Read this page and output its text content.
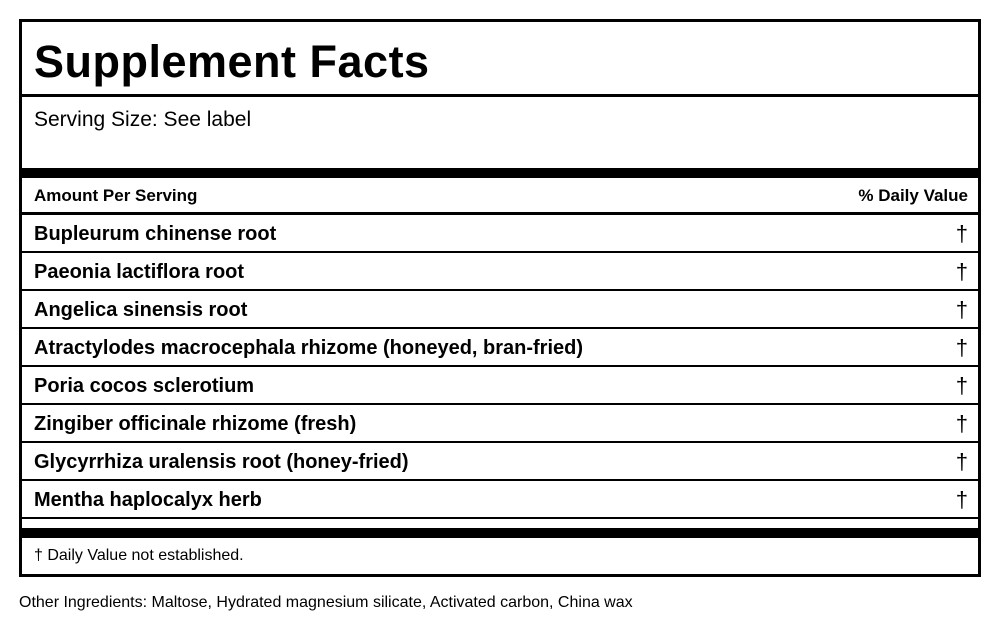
Supplement Facts
Serving Size: See label
Amount Per Serving	% Daily Value
Bupleurum chinense root	†
Paeonia lactiflora root	†
Angelica sinensis root	†
Atractylodes macrocephala rhizome (honeyed, bran-fried)	†
Poria cocos sclerotium	†
Zingiber officinale rhizome (fresh)	†
Glycyrrhiza uralensis root (honey-fried)	†
Mentha haplocalyx herb	†
† Daily Value not established.
Other Ingredients: Maltose, Hydrated magnesium silicate, Activated carbon, China wax
